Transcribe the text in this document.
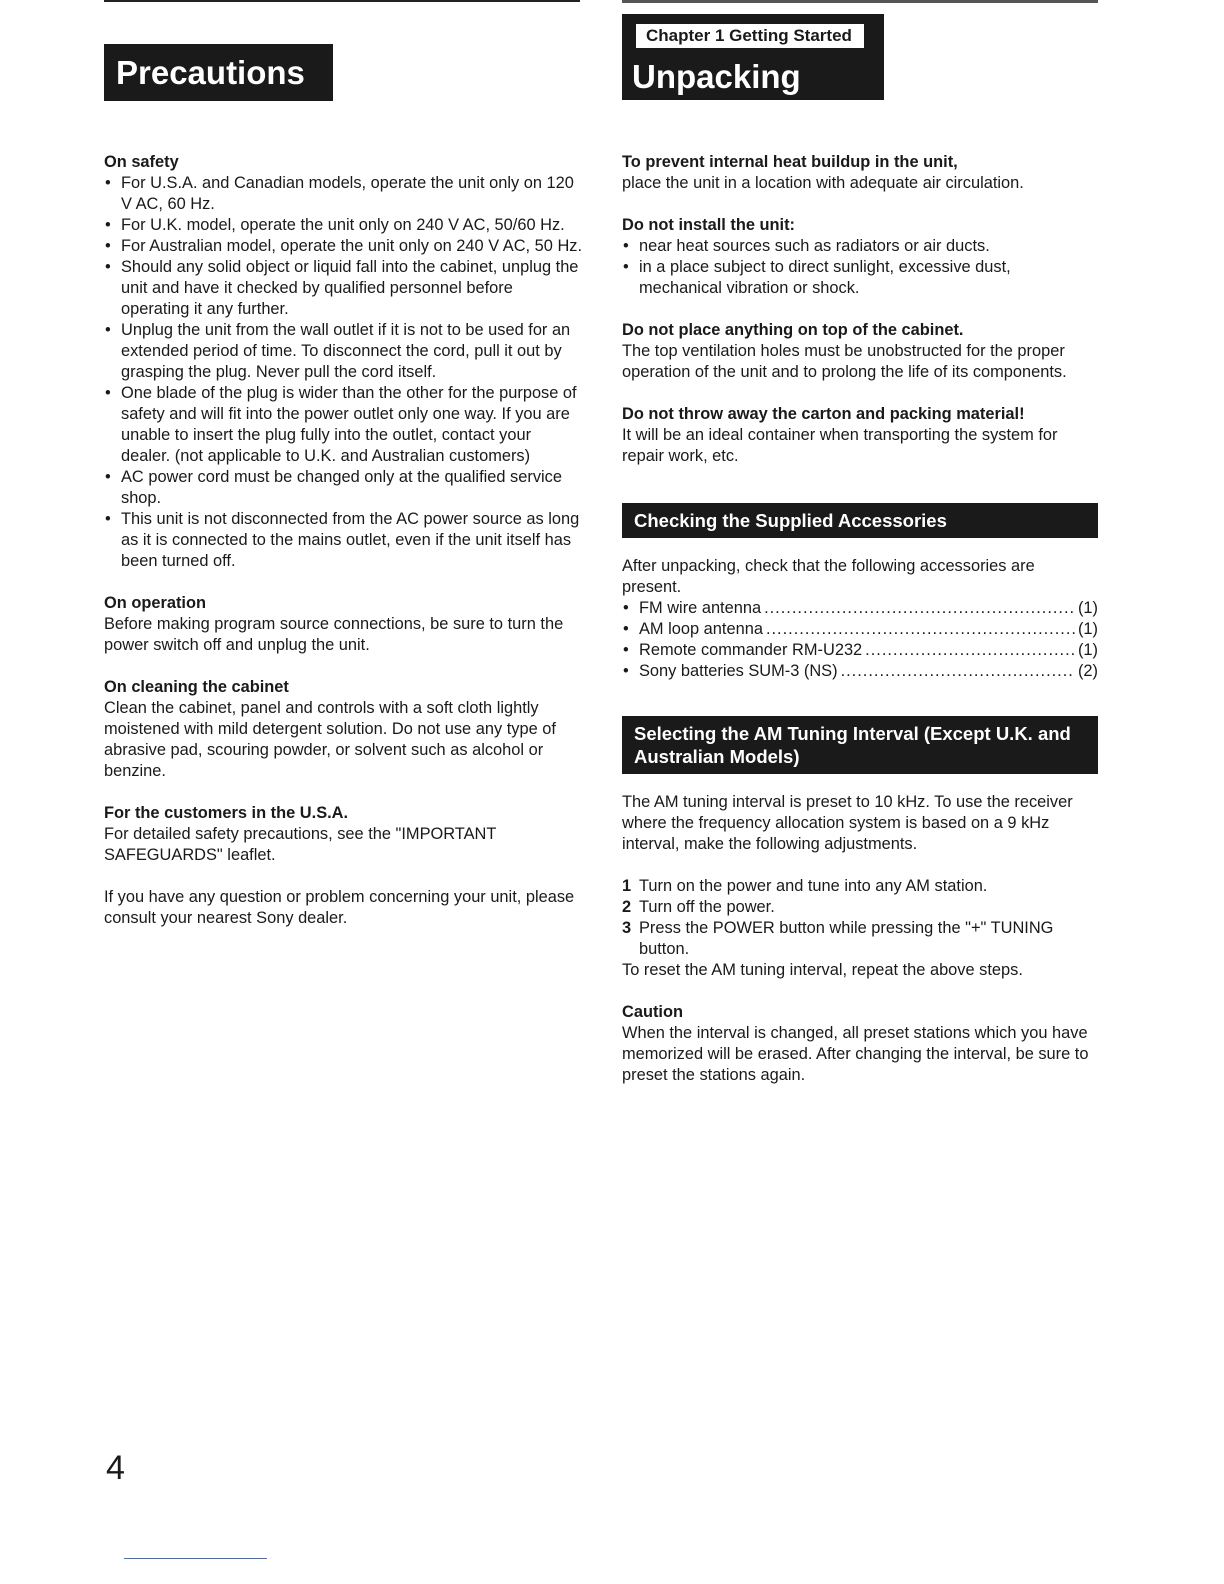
Precautions
Chapter 1 Getting Started
Unpacking
On safety
• For U.S.A. and Canadian models, operate the unit only on 120 V AC, 60 Hz.
• For U.K. model, operate the unit only on 240 V AC, 50/60 Hz.
• For Australian model, operate the unit only on 240 V AC, 50 Hz.
• Should any solid object or liquid fall into the cabinet, unplug the unit and have it checked by qualified personnel before operating it any further.
• Unplug the unit from the wall outlet if it is not to be used for an extended period of time. To disconnect the cord, pull it out by grasping the plug. Never pull the cord itself.
• One blade of the plug is wider than the other for the purpose of safety and will fit into the power outlet only one way. If you are unable to insert the plug fully into the outlet, contact your dealer. (not applicable to U.K. and Australian customers)
• AC power cord must be changed only at the qualified service shop.
• This unit is not disconnected from the AC power source as long as it is connected to the mains outlet, even if the unit itself has been turned off.
On operation
Before making program source connections, be sure to turn the power switch off and unplug the unit.
On cleaning the cabinet
Clean the cabinet, panel and controls with a soft cloth lightly moistened with mild detergent solution. Do not use any type of abrasive pad, scouring powder, or solvent such as alcohol or benzine.
For the customers in the U.S.A.
For detailed safety precautions, see the "IMPORTANT SAFEGUARDS" leaflet.
If you have any question or problem concerning your unit, please consult your nearest Sony dealer.
To prevent internal heat buildup in the unit,
place the unit in a location with adequate air circulation.
Do not install the unit:
• near heat sources such as radiators or air ducts.
• in a place subject to direct sunlight, excessive dust, mechanical vibration or shock.
Do not place anything on top of the cabinet.
The top ventilation holes must be unobstructed for the proper operation of the unit and to prolong the life of its components.
Do not throw away the carton and packing material!
It will be an ideal container when transporting the system for repair work, etc.
Checking the Supplied Accessories
After unpacking, check that the following accessories are present.
• FM wire antenna .....	(1)
• AM loop antenna .....	(1)
• Remote commander RM-U232 .....	(1)
• Sony batteries SUM-3 (NS) .....	(2)
Selecting the AM Tuning Interval (Except U.K. and Australian Models)
The AM tuning interval is preset to 10 kHz. To use the receiver where the frequency allocation system is based on a 9 kHz interval, make the following adjustments.
1 Turn on the power and tune into any AM station.
2 Turn off the power.
3 Press the POWER button while pressing the "+" TUNING button.
To reset the AM tuning interval, repeat the above steps.
Caution
When the interval is changed, all preset stations which you have memorized will be erased. After changing the interval, be sure to preset the stations again.
4
